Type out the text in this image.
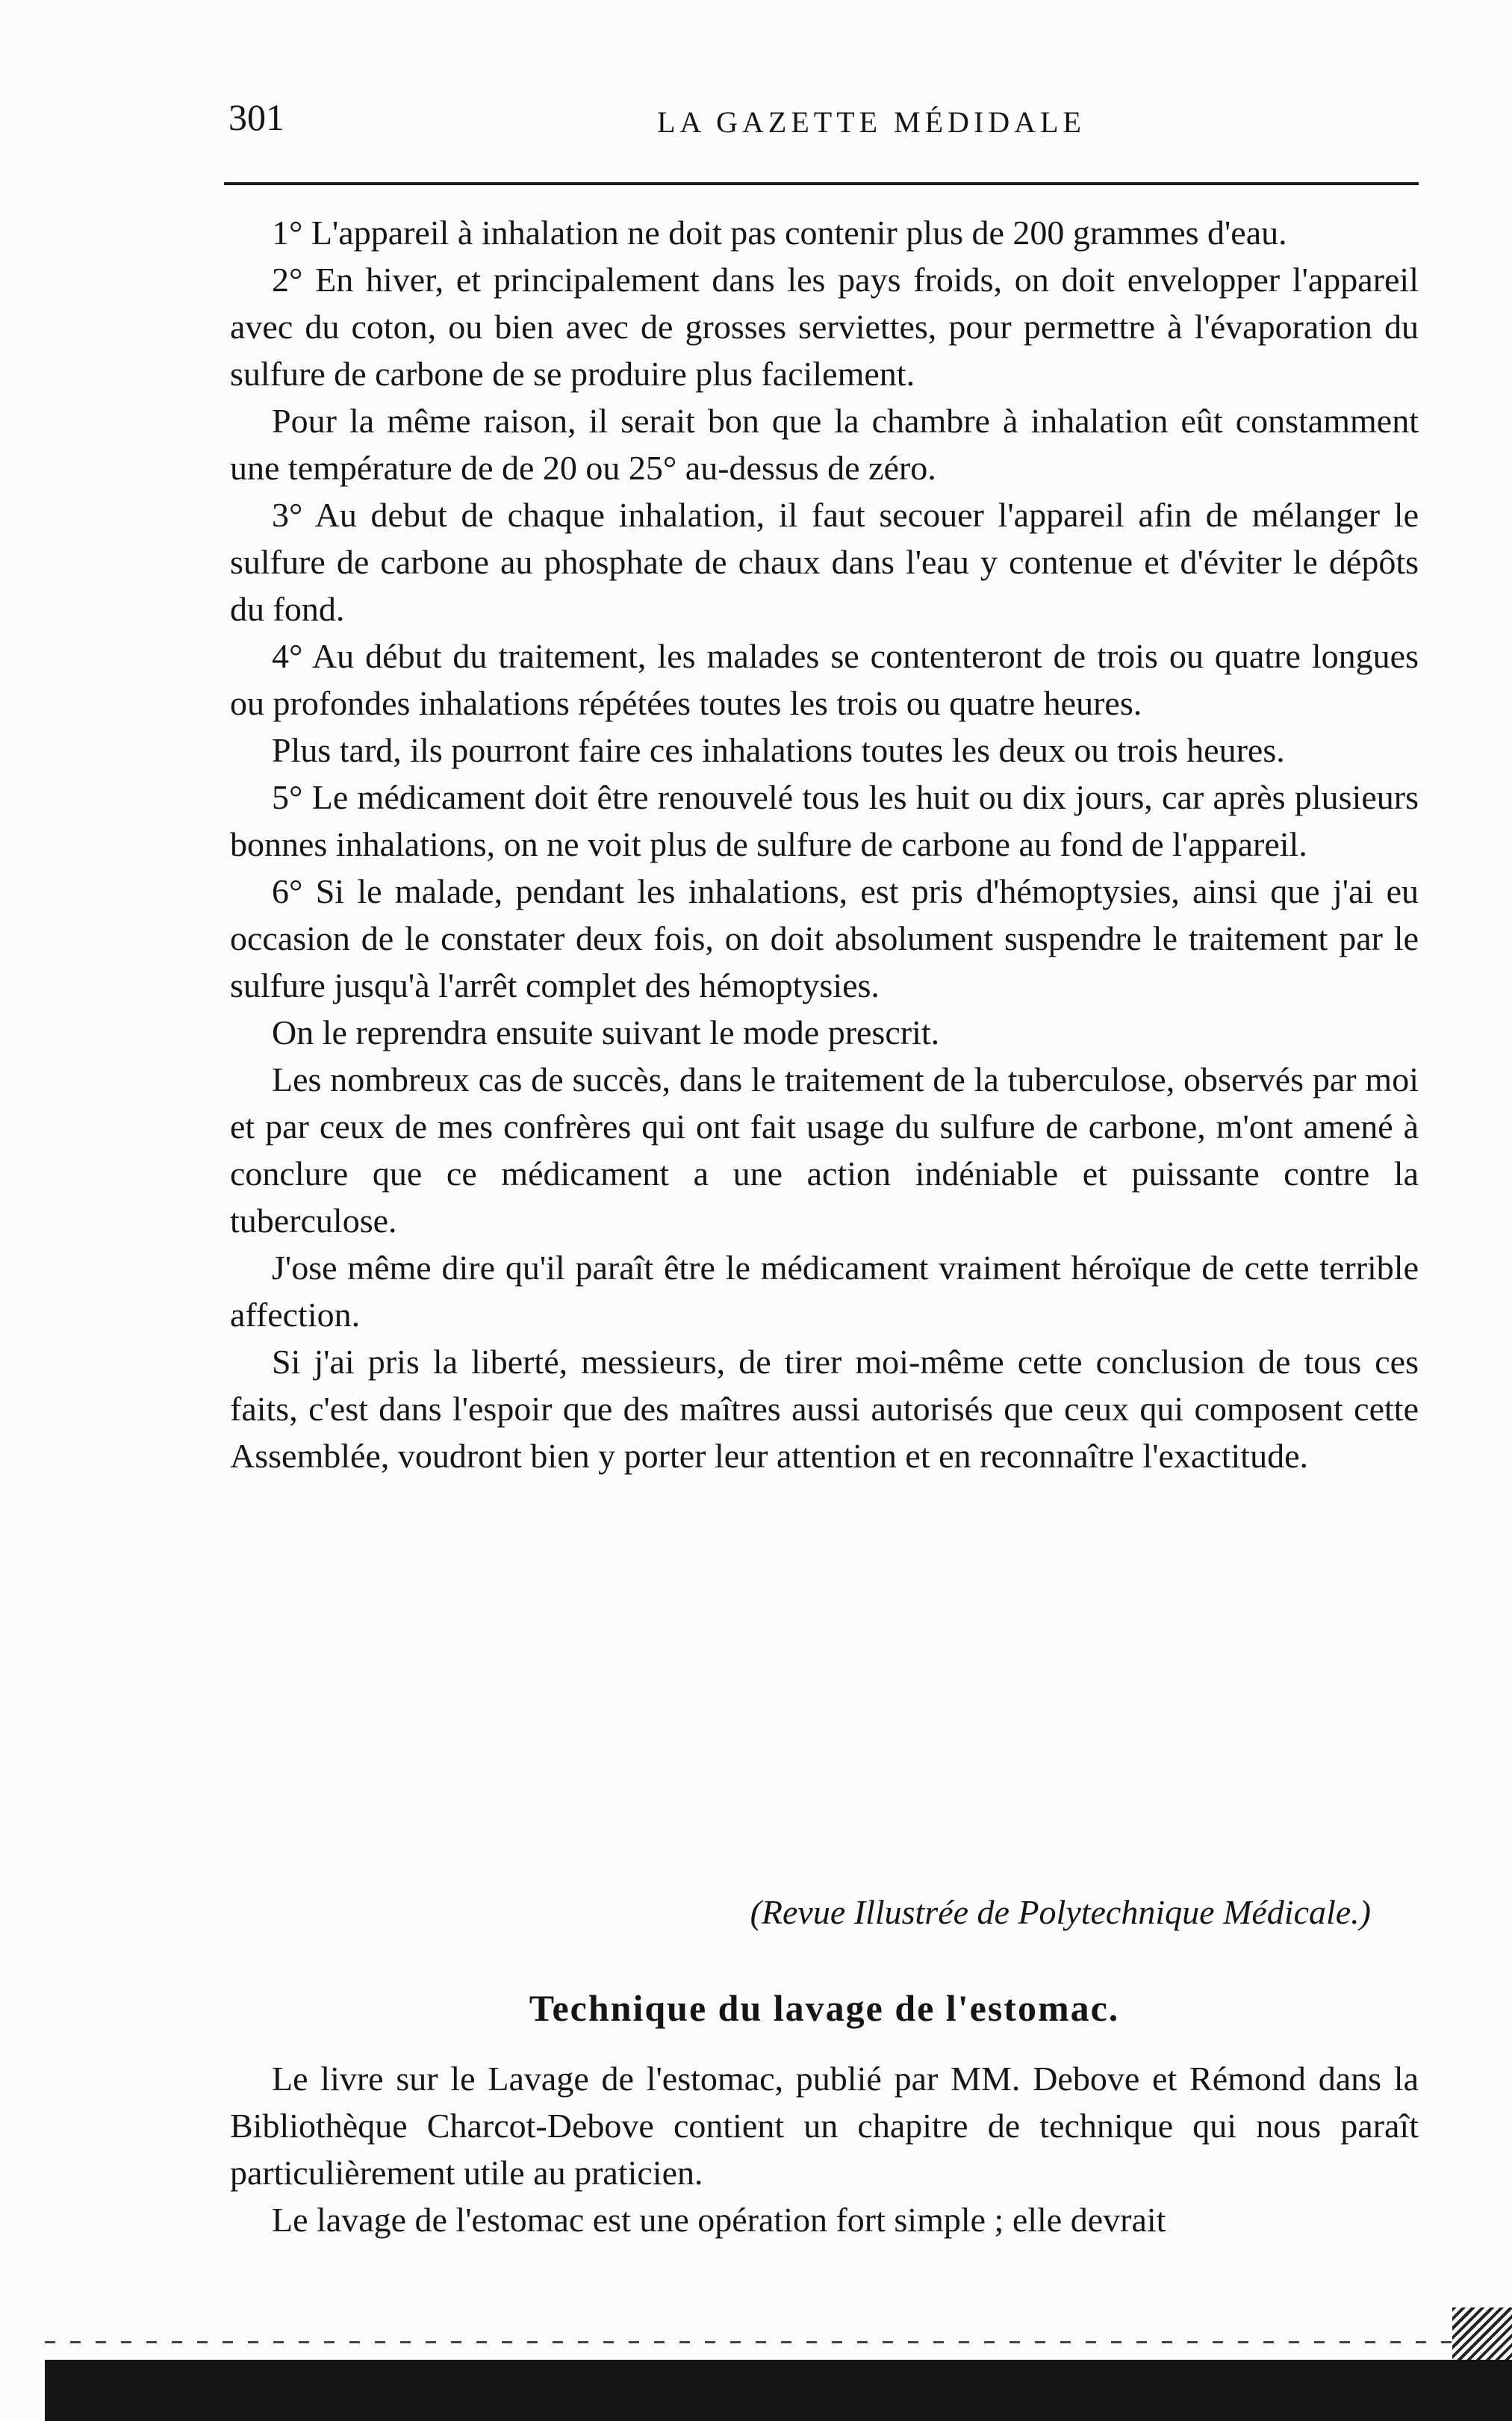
301	LA GAZETTE MÉDIDALE

1° L'appareil à inhalation ne doit pas contenir plus de 200 grammes d'eau.

2° En hiver, et principalement dans les pays froids, on doit envelopper l'appareil avec du coton, ou bien avec de grosses serviettes, pour permettre à l'évaporation du sulfure de carbone de se produire plus facilement.

Pour la même raison, il serait bon que la chambre à inhalation eût constamment une température de de 20 ou 25° au-dessus de zéro.

3° Au debut de chaque inhalation, il faut secouer l'appareil afin de mélanger le sulfure de carbone au phosphate de chaux dans l'eau y contenue et d'éviter le dépôts du fond.

4° Au début du traitement, les malades se contenteront de trois ou quatre longues ou profondes inhalations répétées toutes les trois ou quatre heures.

Plus tard, ils pourront faire ces inhalations toutes les deux ou trois heures.

5° Le médicament doit être renouvelé tous les huit ou dix jours, car après plusieurs bonnes inhalations, on ne voit plus de sulfure de carbone au fond de l'appareil.

6° Si le malade, pendant les inhalations, est pris d'hémoptysies, ainsi que j'ai eu occasion de le constater deux fois, on doit absolument suspendre le traitement par le sulfure jusqu'à l'arrêt complet des hémoptysies.

On le reprendra ensuite suivant le mode prescrit.

Les nombreux cas de succès, dans le traitement de la tuberculose, observés par moi et par ceux de mes confrères qui ont fait usage du sulfure de carbone, m'ont amené à conclure que ce médicament a une action indéniable et puissante contre la tuberculose.

J'ose même dire qu'il paraît être le médicament vraiment héroïque de cette terrible affection.

Si j'ai pris la liberté, messieurs, de tirer moi-même cette conclusion de tous ces faits, c'est dans l'espoir que des maîtres aussi autorisés que ceux qui composent cette Assemblée, voudront bien y porter leur attention et en reconnaître l'exactitude.

(Revue Illustrée de Polytechnique Médicale.)
Technique du lavage de l'estomac.

Le livre sur le Lavage de l'estomac, publié par MM. Debove et Rémond dans la Bibliothèque Charcot-Debove contient un chapitre de technique qui nous paraît particulièrement utile au praticien.

Le lavage de l'estomac est une opération fort simple ; elle devrait
